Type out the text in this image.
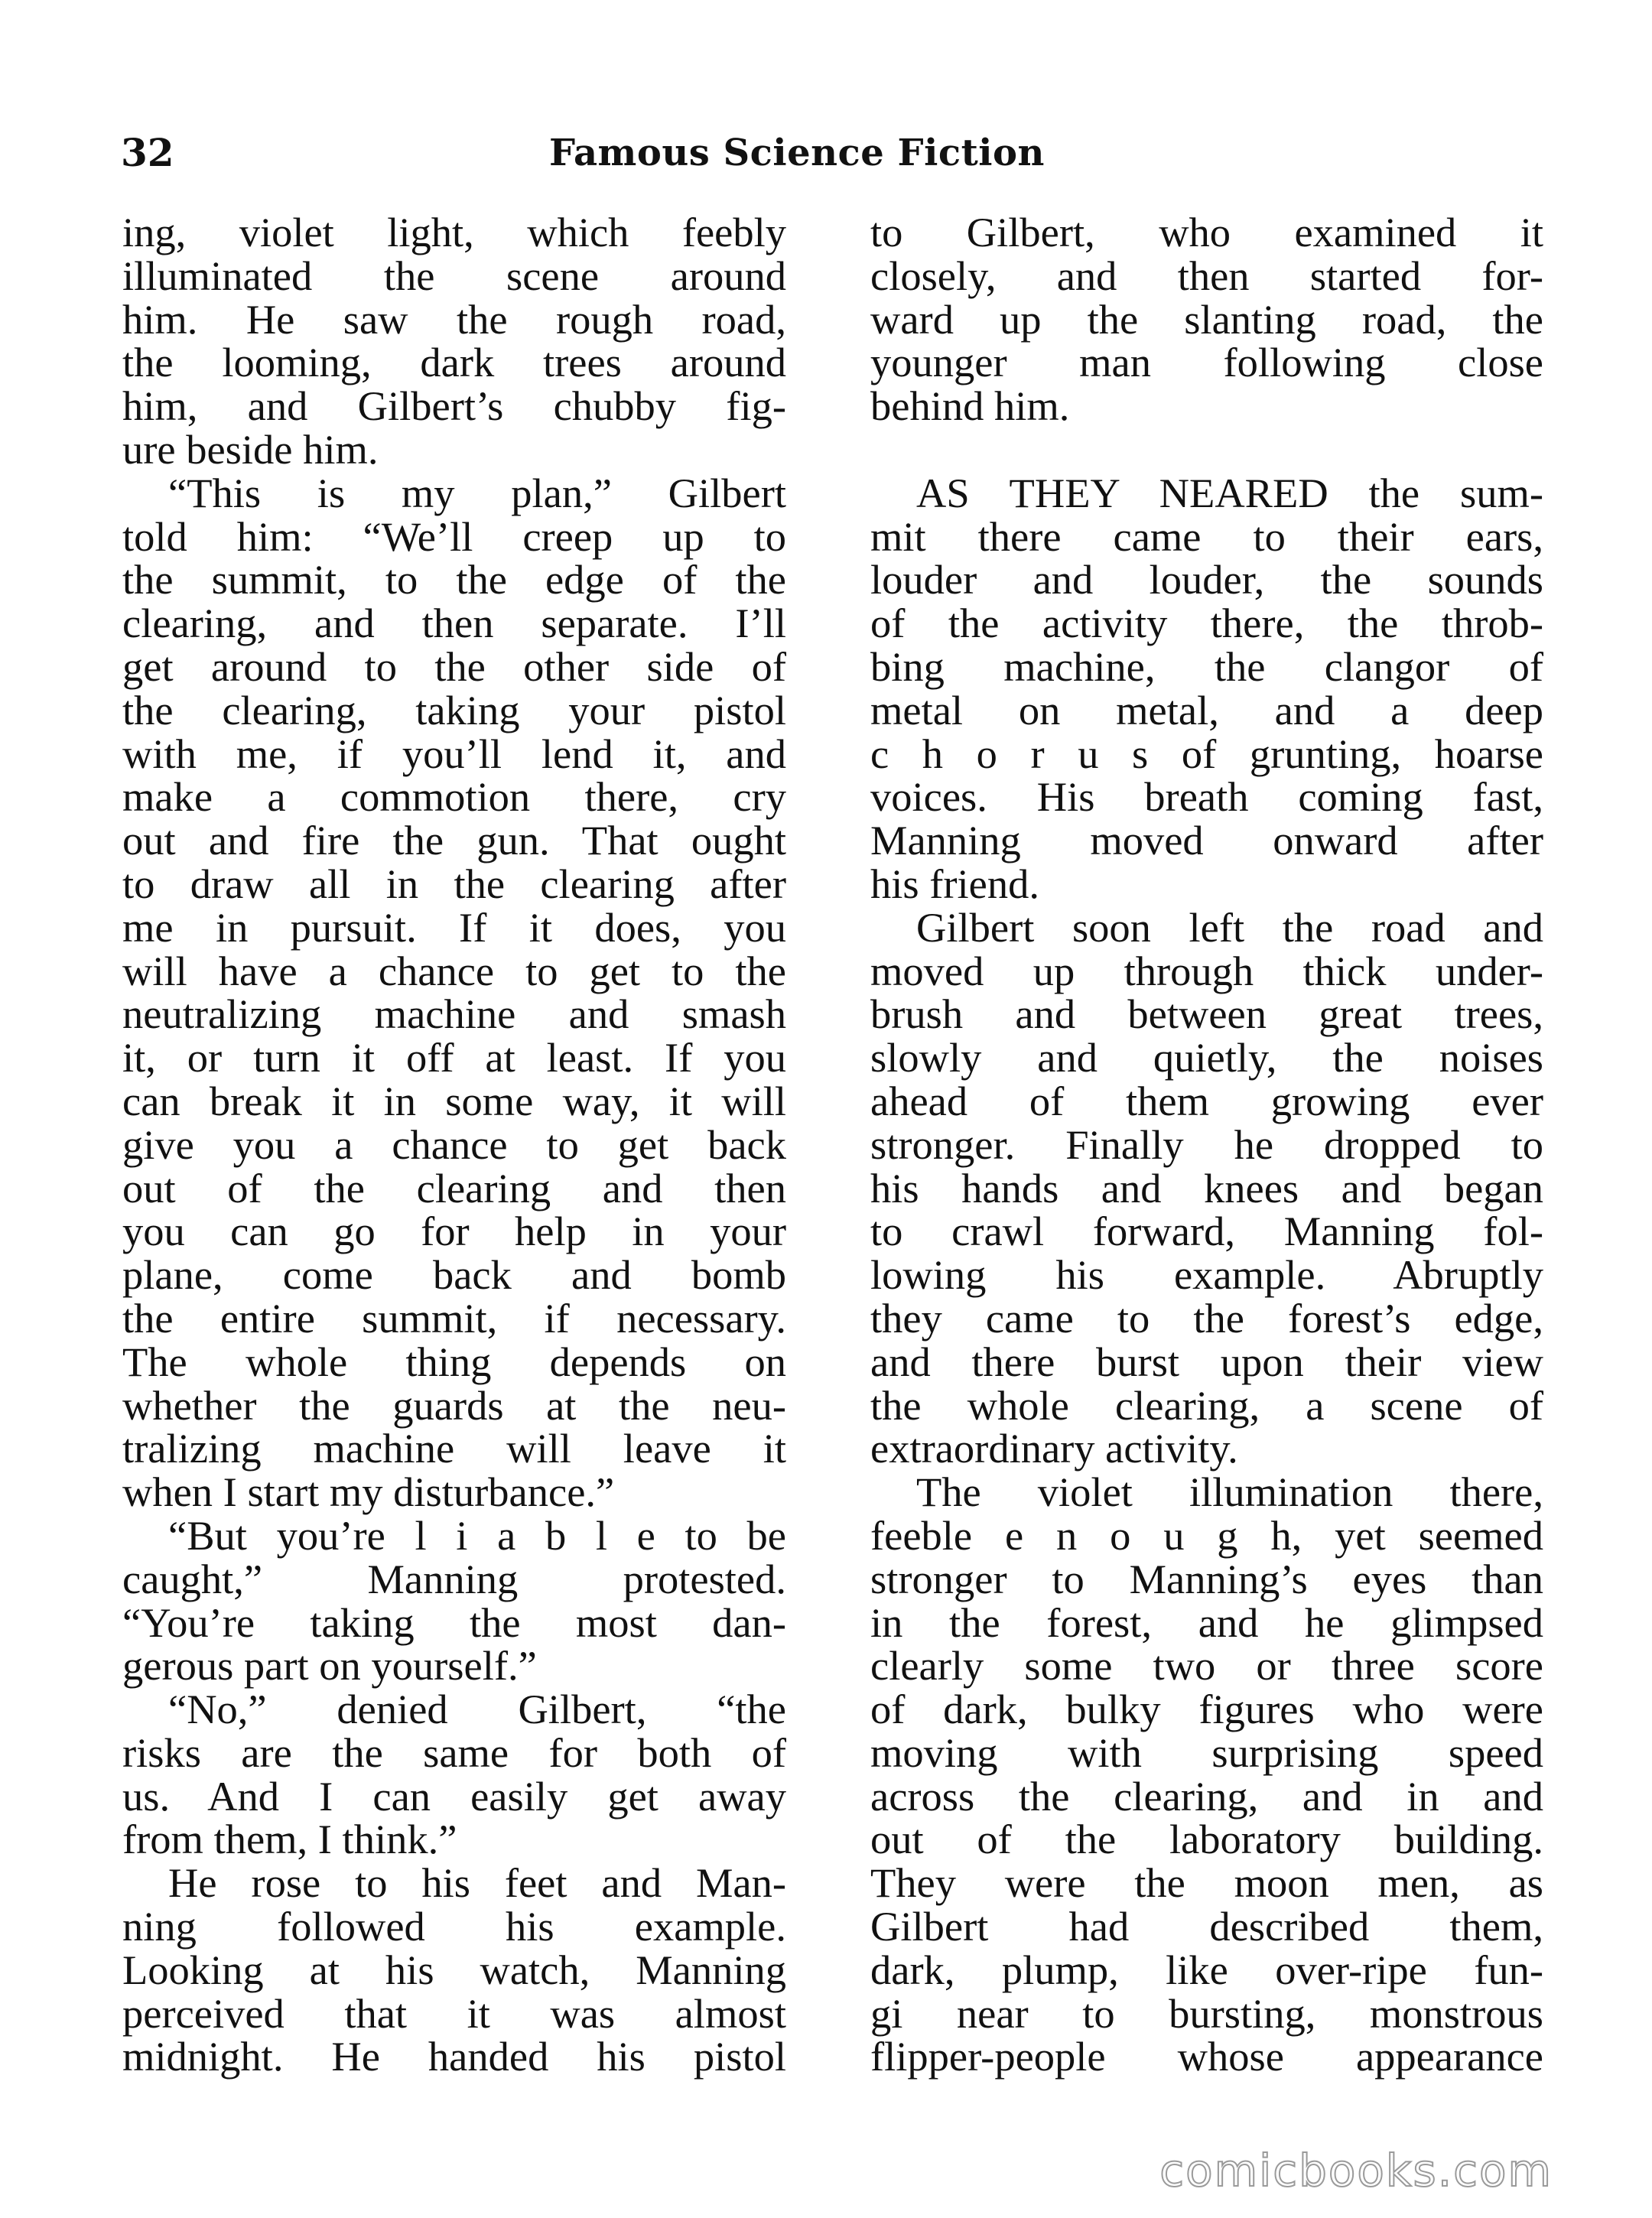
32	Famous Science Fiction
ing, violet light, which feebly
illuminated the scene around
him. He saw the rough road,
the looming, dark trees around
him, and Gilbert’s chubby fig-
ure beside him.
“This is my plan,” Gilbert
told him: “We’ll creep up to
the summit, to the edge of the
clearing, and then separate. I’ll
get around to the other side of
the clearing, taking your pistol
with me, if you’ll lend it, and
make a commotion there, cry
out and fire the gun. That ought
to draw all in the clearing after
me in pursuit. If it does, you
will have a chance to get to the
neutralizing machine and smash
it, or turn it off at least. If you
can break it in some way, it will
give you a chance to get back
out of the clearing and then
you can go for help in your
plane, come back and bomb
the entire summit, if necessary.
The whole thing depends on
whether the guards at the neu-
tralizing machine will leave it
when I start my disturbance.”
“But you’re l i a b l e to be
caught,” Manning protested.
“You’re taking the most dan-
gerous part on yourself.”
“No,” denied Gilbert, “the
risks are the same for both of
us. And I can easily get away
from them, I think.”
He rose to his feet and Man-
ning followed his example.
Looking at his watch, Manning
perceived that it was almost
midnight. He handed his pistol
to Gilbert, who examined it
closely, and then started for-
ward up the slanting road, the
younger man following close
behind him.
AS THEY NEARED the sum-
mit there came to their ears,
louder and louder, the sounds
of the activity there, the throb-
bing machine, the clangor of
metal on metal, and a deep
c h o r u s of grunting, hoarse
voices. His breath coming fast,
Manning moved onward after
his friend.
Gilbert soon left the road and
moved up through thick under-
brush and between great trees,
slowly and quietly, the noises
ahead of them growing ever
stronger. Finally he dropped to
his hands and knees and began
to crawl forward, Manning fol-
lowing his example. Abruptly
they came to the forest’s edge,
and there burst upon their view
the whole clearing, a scene of
extraordinary activity.
The violet illumination there,
feeble e n o u g h, yet seemed
stronger to Manning’s eyes than
in the forest, and he glimpsed
clearly some two or three score
of dark, bulky figures who were
moving with surprising speed
across the clearing, and in and
out of the laboratory building.
They were the moon men, as
Gilbert had described them,
dark, plump, like over-ripe fun-
gi near to bursting, monstrous
flipper-people whose appearance
comicbooks.com
